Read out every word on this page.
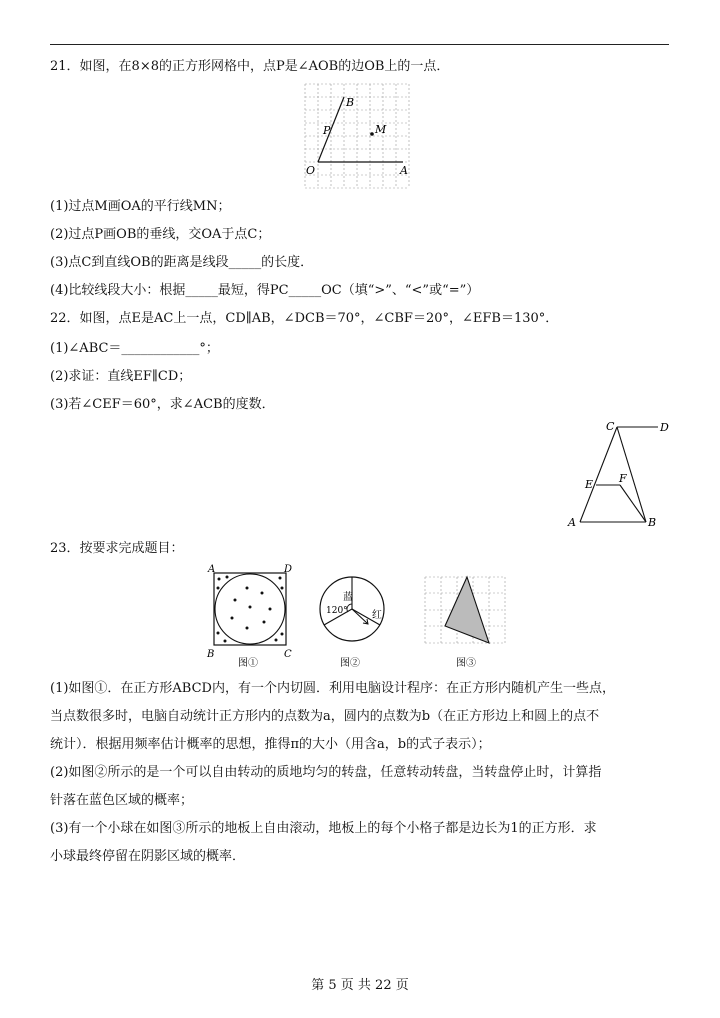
21．如图，在8×8的正方形网格中，点P是∠AOB的边OB上的一点．
B
P	M
O	A
(1)过点M画OA的平行线MN；
(2)过点P画OB的垂线，交OA于点C；
(3)点C到直线OB的距离是线段_____的长度．
(4)比较线段大小：根据_____最短，得PC_____OC（填“>”、“<”或“=”）
22．如图，点E是AC上一点，CD∥AB，∠DCB＝70°，∠CBF＝20°，∠EFB＝130°．
(1)∠ABC＝____________°；
(2)求证：直线EF∥CD；
(3)若∠CEF＝60°，求∠ACB的度数．
C	D
E F
A	B
23．按要求完成题目：
A	D
B	C
图①
蓝
120° 红
图②	图③
(1)如图①．在正方形ABCD内，有一个内切圆．利用电脑设计程序：在正方形内随机产生一些点，
当点数很多时，电脑自动统计正方形内的点数为a，圆内的点数为b（在正方形边上和圆上的点不
统计）．根据用频率估计概率的思想，推得π的大小（用含a，b的式子表示）；
(2)如图②所示的是一个可以自由转动的质地均匀的转盘，任意转动转盘，当转盘停止时，计算指
针落在蓝色区域的概率；
(3)有一个小球在如图③所示的地板上自由滚动，地板上的每个小格子都是边长为1的正方形．求
小球最终停留在阴影区域的概率．
第 5 页 共 22 页
